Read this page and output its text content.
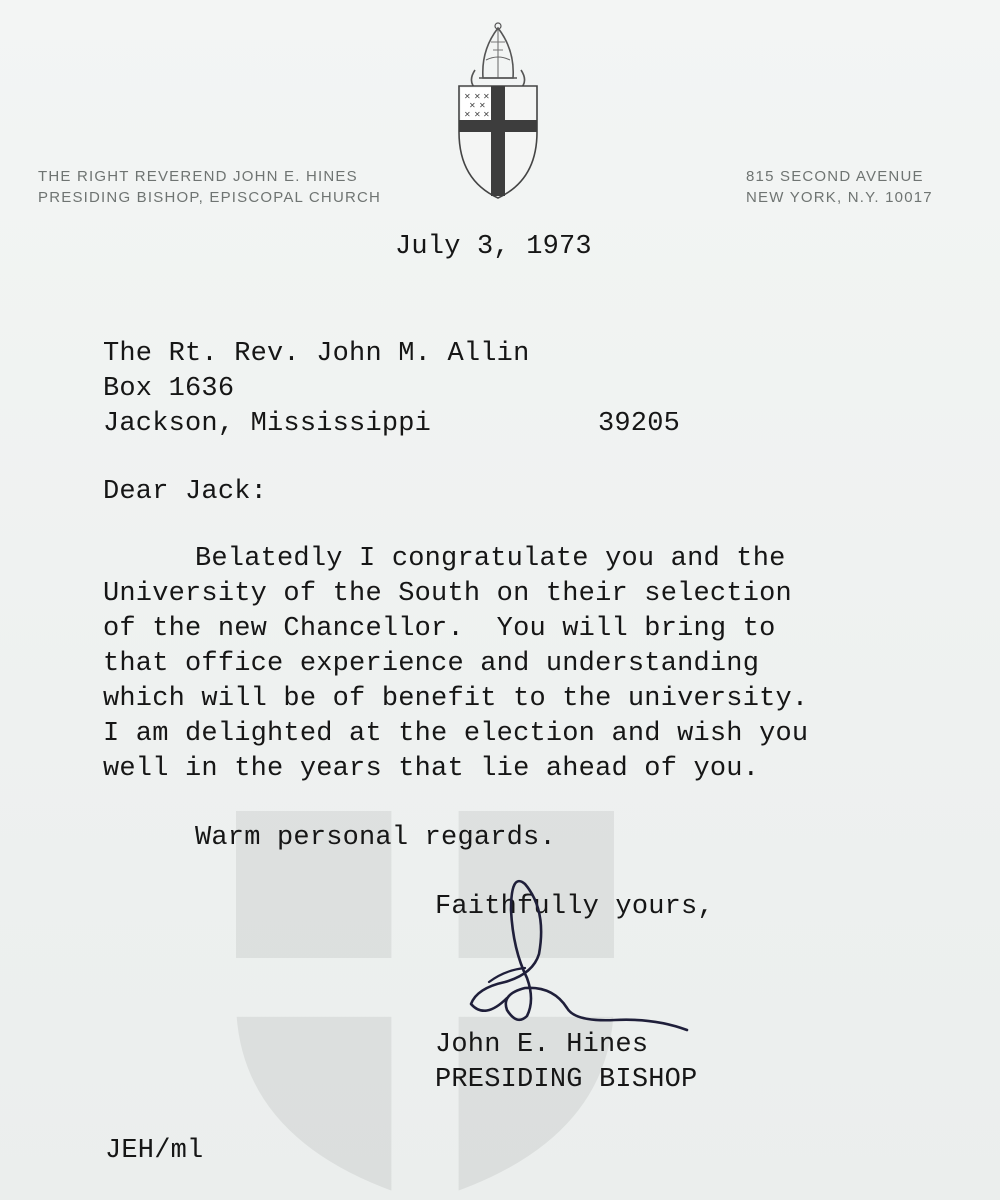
THE RIGHT REVEREND JOHN E. HINES
PRESIDING BISHOP, EPISCOPAL CHURCH
✕ ✕ ✕
✕ ✕
✕ ✕ ✕
815 SECOND AVENUE
NEW YORK, N.Y. 10017
July 3, 1973
The Rt. Rev. John M. Allin
Box 1636
Jackson, Mississippi	39205
Dear Jack:
Belatedly I congratulate you and the
University of the South on their selection
of the new Chancellor.  You will bring to
that office experience and understanding
which will be of benefit to the university.
I am delighted at the election and wish you
well in the years that lie ahead of you.
Warm personal regards.
Faithfully yours,
John E. Hines
PRESIDING BISHOP
JEH/ml
